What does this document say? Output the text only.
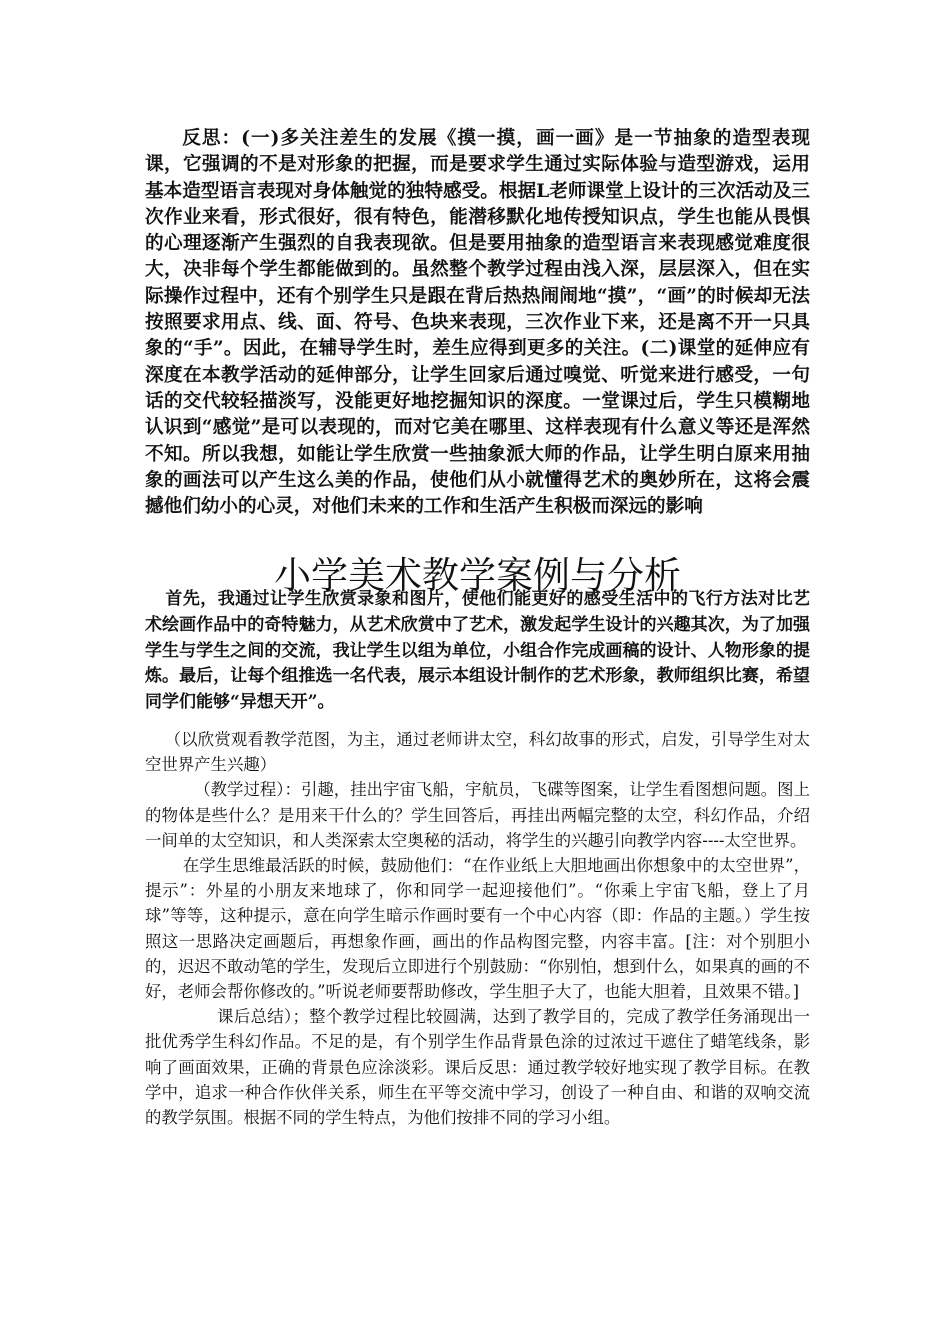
反思：(一)多关注差生的发展《摸一摸，画一画》是一节抽象的造型表现课，它强调的不是对形象的把握，而是要求学生通过实际体验与造型游戏，运用基本造型语言表现对身体触觉的独特感受。根据L老师课堂上设计的三次活动及三次作业来看，形式很好，很有特色，能潜移默化地传授知识点，学生也能从畏惧的心理逐渐产生强烈的自我表现欲。但是要用抽象的造型语言来表现感觉难度很大，决非每个学生都能做到的。虽然整个教学过程由浅入深，层层深入，但在实际操作过程中，还有个别学生只是跟在背后热热闹闹地“摸”，“画”的时候却无法按照要求用点、线、面、符号、色块来表现，三次作业下来，还是离不开一只具象的“手”。因此，在辅导学生时，差生应得到更多的关注。(二)课堂的延伸应有深度在本教学活动的延伸部分，让学生回家后通过嗅觉、听觉来进行感受，一句话的交代较轻描淡写，没能更好地挖掘知识的深度。一堂课过后，学生只模糊地认识到“感觉”是可以表现的，而对它美在哪里、这样表现有什么意义等还是浑然不知。所以我想，如能让学生欣赏一些抽象派大师的作品，让学生明白原来用抽象的画法可以产生这么美的作品，使他们从小就懂得艺术的奥妙所在，这将会震撼他们幼小的心灵，对他们未来的工作和生活产生积极而深远的影响

小学美术教学案例与分析

首先，我通过让学生欣赏录象和图片，使他们能更好的感受生活中的飞行方法对比艺术绘画作品中的奇特魅力，从艺术欣赏中了艺术，激发起学生设计的兴趣其次，为了加强学生与学生之间的交流，我让学生以组为单位，小组合作完成画稿的设计、人物形象的提炼。最后，让每个组推选一名代表，展示本组设计制作的艺术形象，教师组织比赛，希望同学们能够“异想天开”。

（以欣赏观看教学范图，为主，通过老师讲太空，科幻故事的形式，启发，引导学生对太空世界产生兴趣）

（教学过程）：引趣，挂出宇宙飞船，宇航员，飞碟等图案，让学生看图想问题。图上的物体是些什么？是用来干什么的？学生回答后，再挂出两幅完整的太空，科幻作品，介绍一间单的太空知识，和人类深索太空奥秘的活动，将学生的兴趣引向教学内容----太空世界。

在学生思维最活跃的时候，鼓励他们：“在作业纸上大胆地画出你想象中的太空世界”，提示”：外星的小朋友来地球了，你和同学一起迎接他们”。“你乘上宇宙飞船，登上了月球”等等，这种提示，意在向学生暗示作画时要有一个中心内容（即：作品的主题。）学生按照这一思路决定画题后，再想象作画，画出的作品构图完整，内容丰富。[注：对个别胆小的，迟迟不敢动笔的学生，发现后立即进行个别鼓励：“你别怕，想到什么，如果真的画的不好，老师会帮你修改的。”听说老师要帮助修改，学生胆子大了，也能大胆着，且效果不错。]

课后总结）；整个教学过程比较圆满，达到了教学目的，完成了教学任务涌现出一批优秀学生科幻作品。不足的是，有个别学生作品背景色涂的过浓过干遮住了蜡笔线条，影响了画面效果，正确的背景色应涂淡彩。课后反思：通过教学较好地实现了教学目标。在教学中，追求一种合作伙伴关系，师生在平等交流中学习，创设了一种自由、和谐的双响交流的教学氛围。根据不同的学生特点，为他们按排不同的学习小组。
